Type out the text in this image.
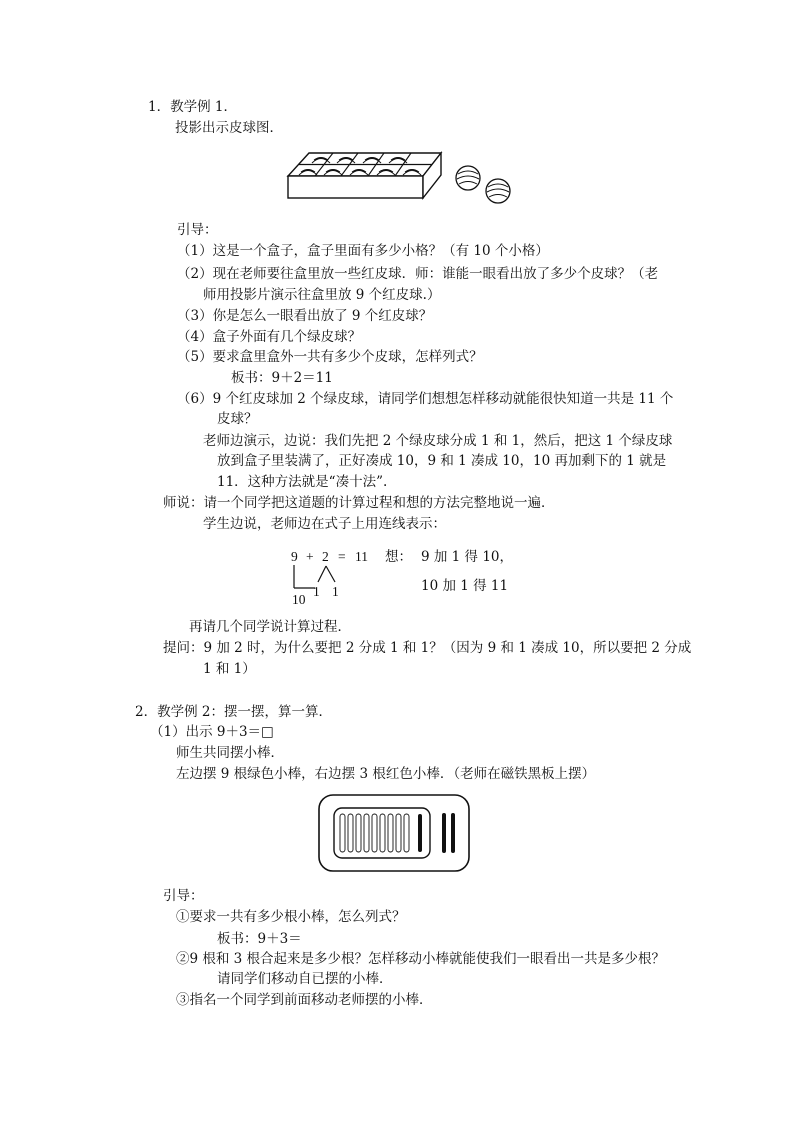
1．教学例 1．
投影出示皮球图．
引导：
（1）这是一个盒子，盒子里面有多少小格？（有 10 个小格）
（2）现在老师要往盒里放一些红皮球．师：谁能一眼看出放了多少个皮球？（老
师用投影片演示往盒里放 9 个红皮球.）
（3）你是怎么一眼看出放了 9 个红皮球？
（4）盒子外面有几个绿皮球？
（5）要求盒里盒外一共有多少个皮球，怎样列式？
板书：9＋2＝11
（6）9 个红皮球加 2 个绿皮球，请同学们想想怎样移动就能很快知道一共是 11 个
皮球？
老师边演示，边说：我们先把 2 个绿皮球分成 1 和 1，然后，把这 1 个绿皮球
放到盒子里装满了，正好凑成 10，9 和 1 凑成 10，10 再加剩下的 1 就是
11．这种方法就是“凑十法”.
师说：请一个同学把这道题的计算过程和想的方法完整地说一遍．
学生边说，老师边在式子上用连线表示：
9 + 2 = 11 想： 9 加 1 得 10，
10 加 1 得 11
10
1 1
再请几个同学说计算过程．
提问：9 加 2 时，为什么要把 2 分成 1 和 1？（因为 9 和 1 凑成 10，所以要把 2 分成
1 和 1）
2．教学例 2：摆一摆，算一算．
（1）出示 9＋3＝□
师生共同摆小棒．
左边摆 9 根绿色小棒，右边摆 3 根红色小棒．（老师在磁铁黑板上摆）
引导：
①要求一共有多少根小棒，怎么列式？
板书：9＋3＝
②9 根和 3 根合起来是多少根？怎样移动小棒就能使我们一眼看出一共是多少根？
请同学们移动自已摆的小棒．
③指名一个同学到前面移动老师摆的小棒．
